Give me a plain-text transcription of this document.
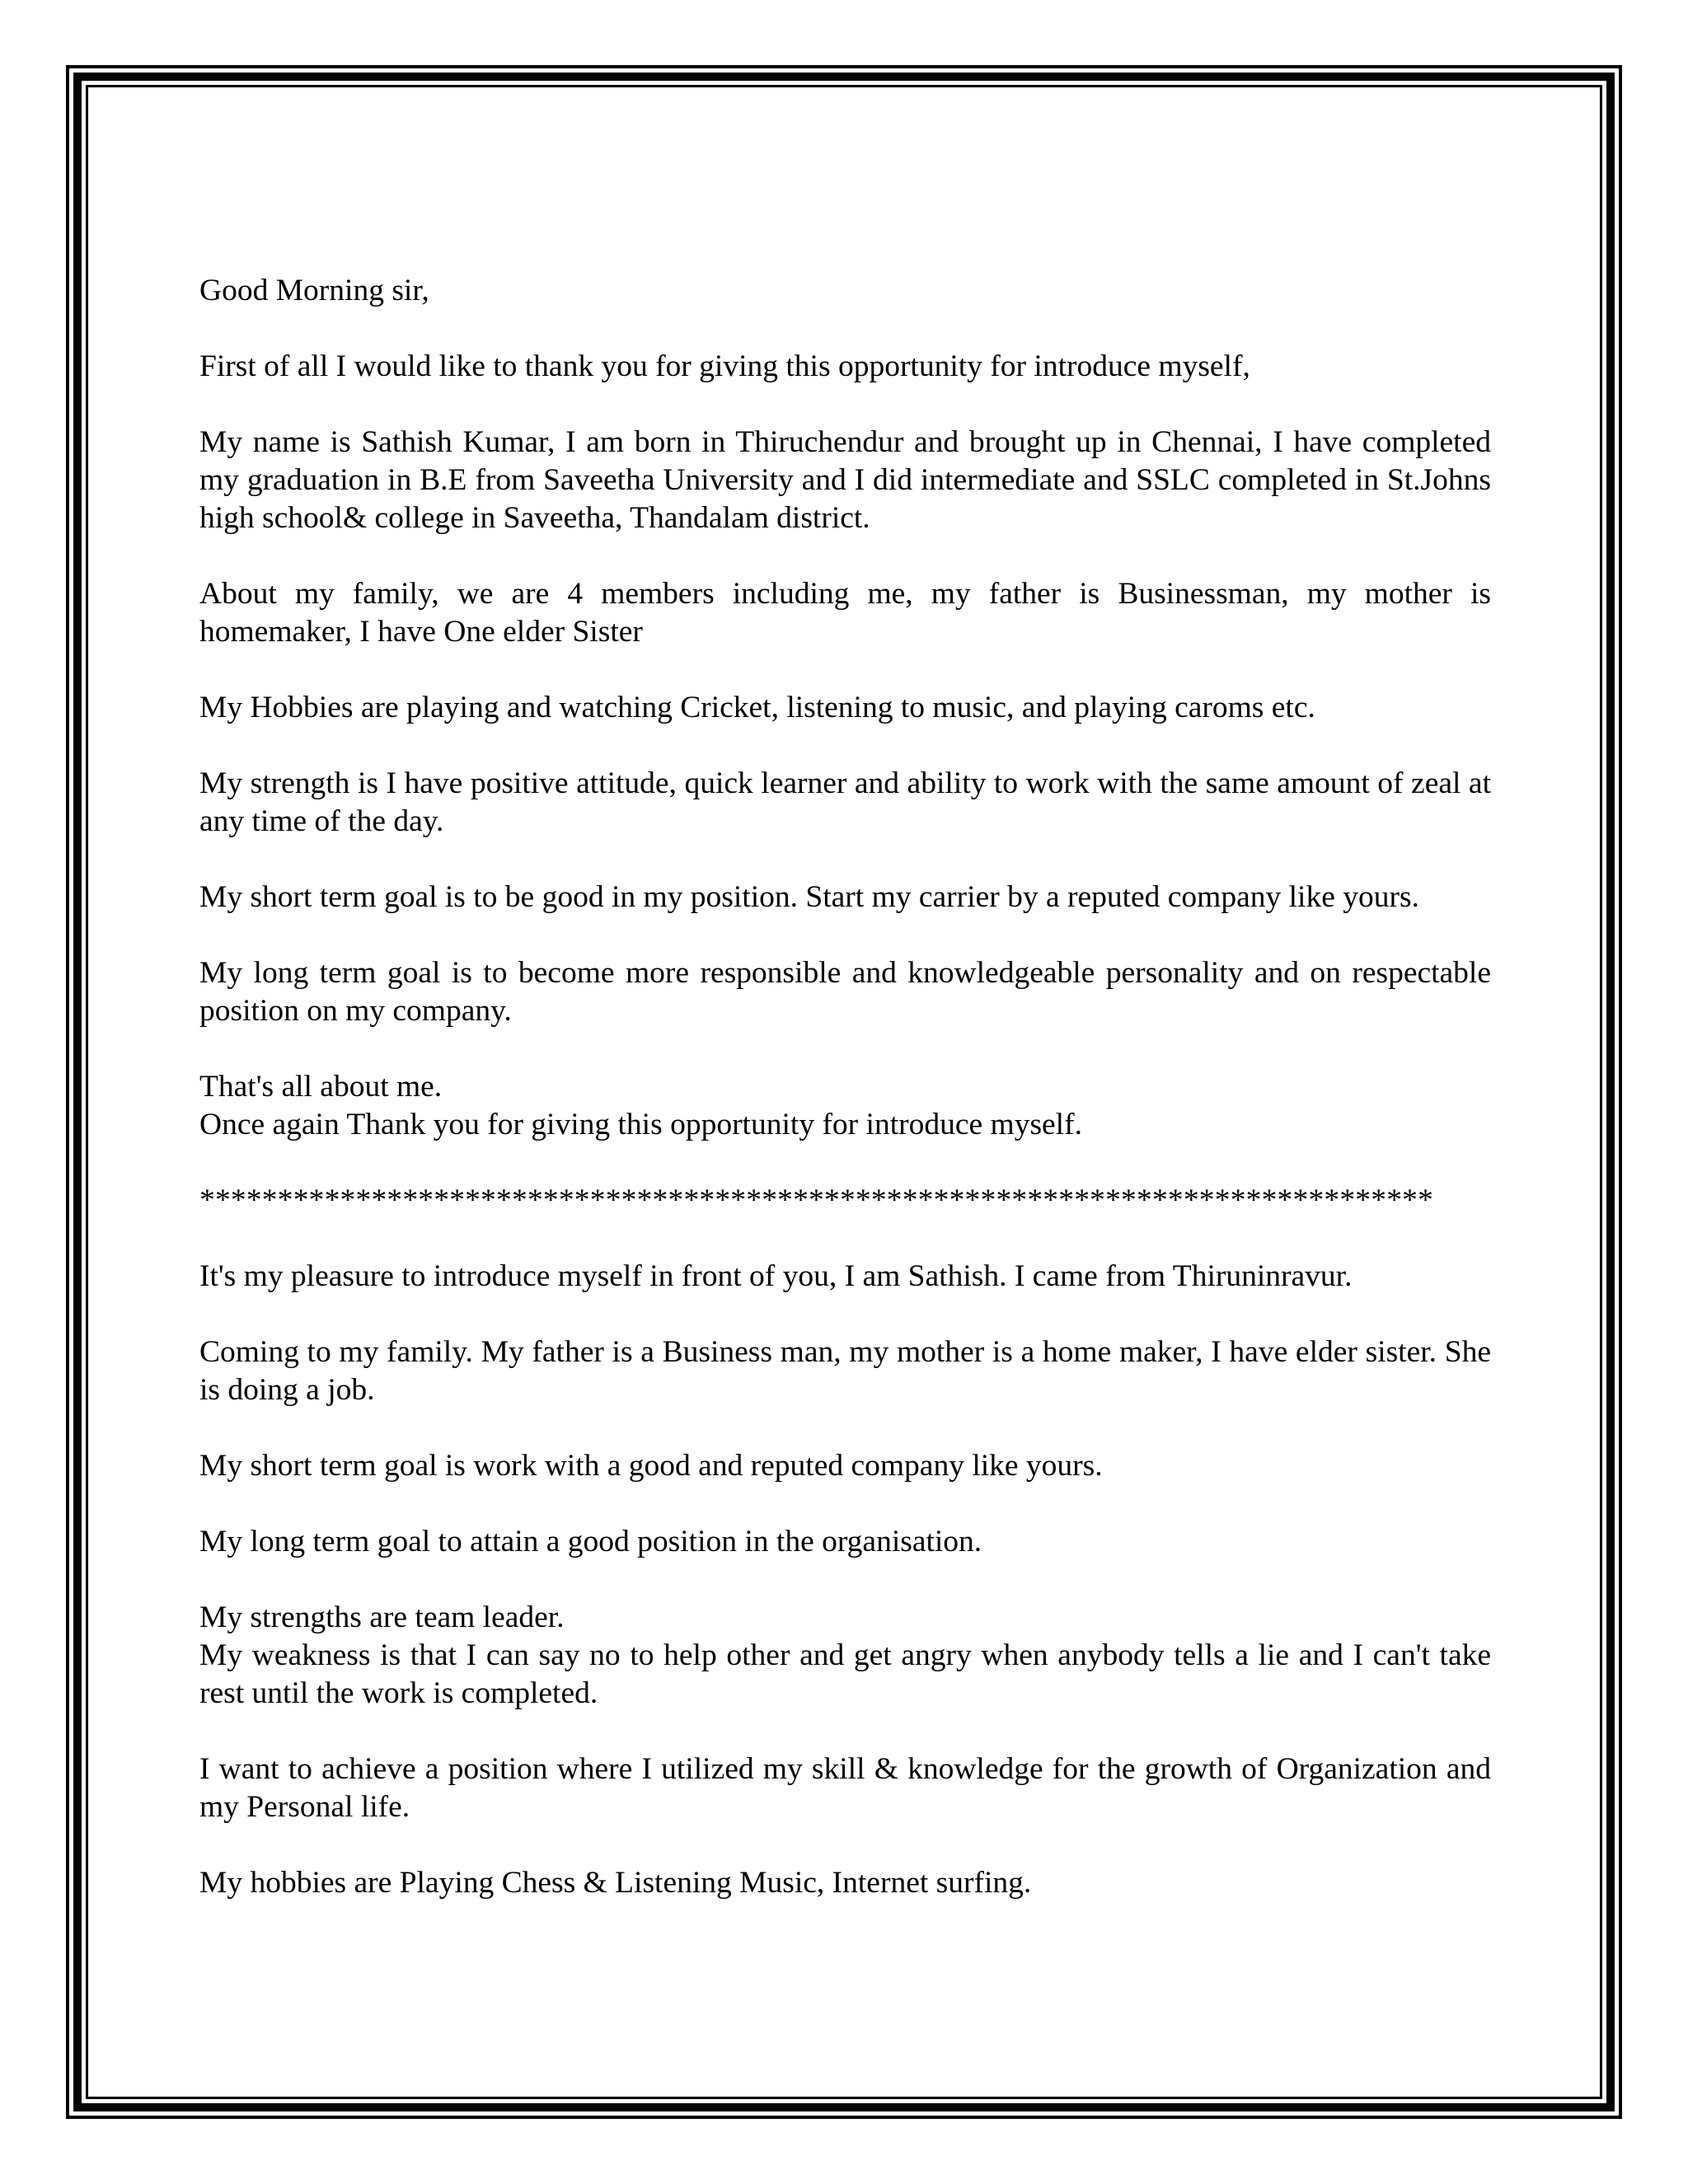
Good Morning sir,

First of all I would like to thank you for giving this opportunity for introduce myself,

My name is Sathish Kumar, I am born in Thiruchendur and brought up in Chennai, I have completed my graduation in B.E from Saveetha University and I did intermediate and SSLC completed in St.Johns high school& college in Saveetha, Thandalam district.

About my family, we are 4 members including me, my father is Businessman, my mother is homemaker, I have One elder Sister

My Hobbies are playing and watching Cricket, listening to music, and playing caroms etc.

My strength is I have positive attitude, quick learner and ability to work with the same amount of zeal at any time of the day.

My short term goal is to be good in my position. Start my carrier by a reputed company like yours.

My long term goal is to become more responsible and knowledgeable personality and on respectable position on my company.

That's all about me.
Once again Thank you for giving this opportunity for introduce myself.

*******************************************************************************

It's my pleasure to introduce myself in front of you, I am Sathish. I came from Thiruninravur.

Coming to my family. My father is a Business man, my mother is a home maker, I have elder sister. She is doing a job.

My short term goal is work with a good and reputed company like yours.

My long term goal to attain a good position in the organisation.

My strengths are team leader.
My weakness is that I can say no to help other and get angry when anybody tells a lie and I can't take rest until the work is completed.

I want to achieve a position where I utilized my skill & knowledge for the growth of Organization and my Personal life.

My hobbies are Playing Chess & Listening Music, Internet surfing.
